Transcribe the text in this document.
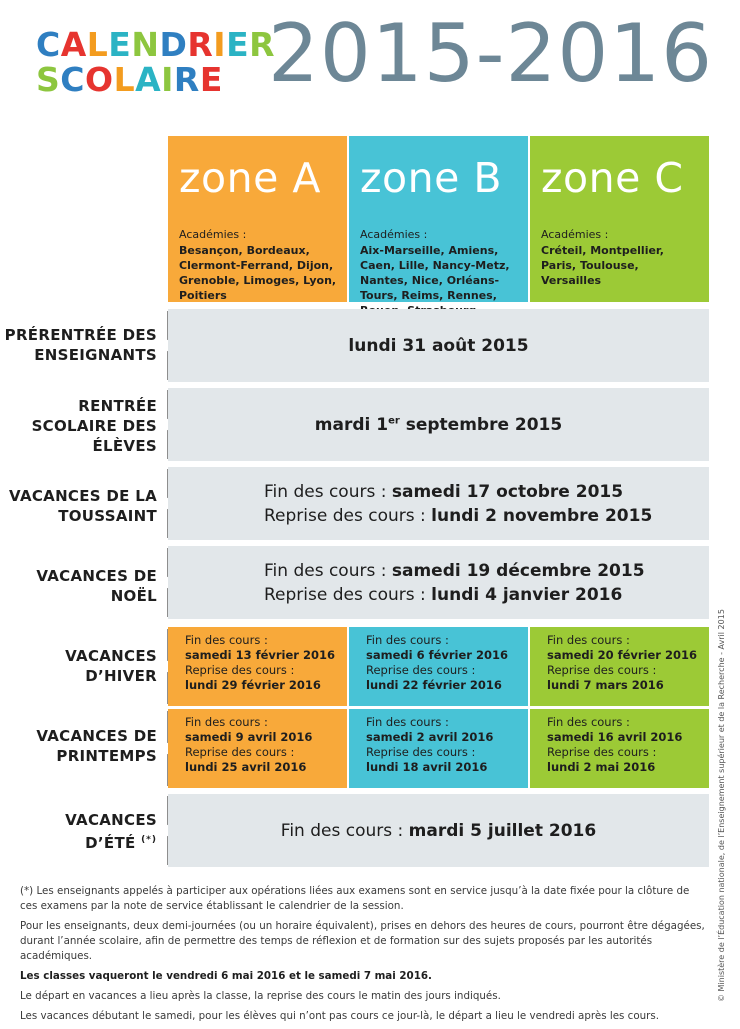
CALENDRIER
SCOLAIRE 2015-2016
zone A
Académies :
Besançon, Bordeaux, Clermont-Ferrand, Dijon, Grenoble, Limoges, Lyon, Poitiers
zone B
Académies :
Aix-Marseille, Amiens, Caen, Lille, Nancy-Metz, Nantes, Nice, Orléans-Tours, Reims, Rennes,
zone C
Académies :
Créteil, Montpellier, Paris, Toulouse, Versailles
PRÉRENTRÉE DES ENSEIGNANTS	lundi 31 août 2015
RENTRÉE SCOLAIRE DES ÉLÈVES
mardi 1er septembre 2015
VACANCES DE LA TOUSSAINT
Fin des cours : samedi 17 octobre 2015
Reprise des cours : lundi 2 novembre 2015
VACANCES DE NOËL
Fin des cours : samedi 19 décembre 2015
Reprise des cours : lundi 4 janvier 2016
VACANCES D’HIVER
Fin des cours :
samedi 13 février 2016
Reprise des cours :
lundi 29 février 2016
Fin des cours :
samedi 6 février 2016
Reprise des cours :
lundi 22 février 2016
Fin des cours :
samedi 20 février 2016
Reprise des cours :
lundi 7 mars 2016
VACANCES DE PRINTEMPS
Fin des cours :
samedi 9 avril 2016
Reprise des cours :
lundi 25 avril 2016
Fin des cours :
samedi 2 avril 2016
Reprise des cours :
lundi 18 avril 2016
Fin des cours :
samedi 16 avril 2016
Reprise des cours :
lundi 2 mai 2016
VACANCES
D’ÉTÉ (*)	Fin des cours : mardi 5 juillet 2016

(*) Les enseignants appelés à participer aux opérations liées aux examens sont en service jusqu’à la date fixée pour la clôture de ces examens par la note de service établissant le calendrier de la session.

Pour les enseignants, deux demi-journées (ou un horaire équivalent), prises en dehors des heures de cours, pourront être dégagées, durant l’année scolaire, afin de permettre des temps de réflexion et de formation sur des sujets proposés par les autorités académiques.

Les classes vaqueront le vendredi 6 mai 2016 et le samedi 7 mai 2016.

Le départ en vacances a lieu après la classe, la reprise des cours le matin des jours indiqués.

Les vacances débutant le samedi, pour les élèves qui n’ont pas cours ce jour-là, le départ a lieu le vendredi après les cours.

© Ministère de l’Éducation nationale, de l’Enseignement supérieur et de la Recherche - Avril 2015
